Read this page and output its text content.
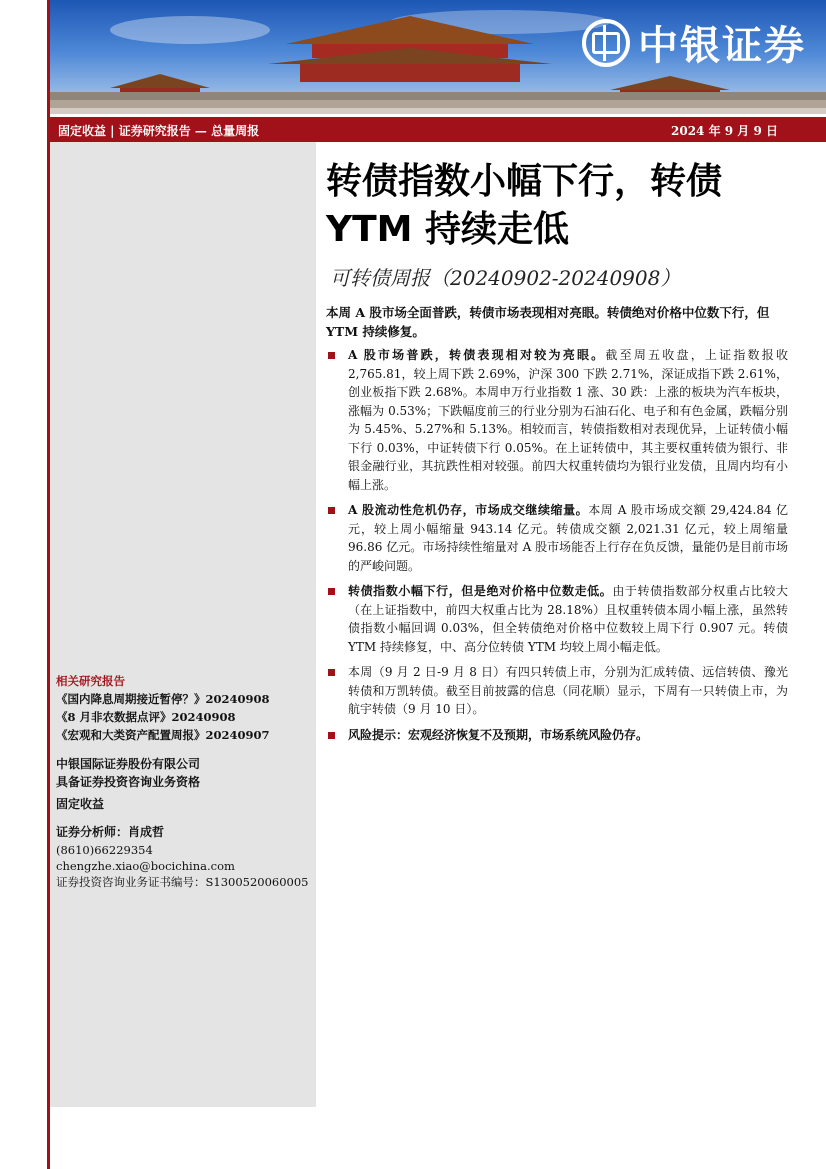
中银证券
固定收益 | 证券研究报告 — 总量周报	2024 年 9 月 9 日
转债指数小幅下行，转债
YTM 持续走低
可转债周报（20240902-20240908）
本周 A 股市场全面普跌，转债市场表现相对亮眼。转债绝对价格中位数下行，但 YTM 持续修复。
A 股市场普跌，转债表现相对较为亮眼。截至周五收盘，上证指数报收 2,765.81，较上周下跌 2.69%，沪深 300 下跌 2.71%，深证成指下跌 2.61%，创业板指下跌 2.68%。本周申万行业指数 1 涨、30 跌：上涨的板块为汽车板块，涨幅为 0.53%；下跌幅度前三的行业分别为石油石化、电子和有色金属，跌幅分别为 5.45%、5.27%和 5.13%。相较而言，转债指数相对表现优异，上证转债小幅下行 0.03%，中证转债下行 0.05%。在上证转债中，其主要权重转债为银行、非银金融行业，其抗跌性相对较强。前四大权重转债均为银行业发债，且周内均有小幅上涨。
A 股流动性危机仍存，市场成交继续缩量。本周 A 股市场成交额 29,424.84 亿元，较上周小幅缩量 943.14 亿元。转债成交额 2,021.31 亿元，较上周缩量 96.86 亿元。市场持续性缩量对 A 股市场能否上行存在负反馈，量能仍是目前市场的严峻问题。
转债指数小幅下行，但是绝对价格中位数走低。由于转债指数部分权重占比较大（在上证指数中，前四大权重占比为 28.18%）且权重转债本周小幅上涨，虽然转债指数小幅回调 0.03%，但全转债绝对价格中位数较上周下行 0.907 元。转债 YTM 持续修复，中、高分位转债 YTM 均较上周小幅走低。
本周（9 月 2 日-9 月 8 日）有四只转债上市，分别为汇成转债、远信转债、豫光转债和万凯转债。截至目前披露的信息（同花顺）显示，下周有一只转债上市，为航宇转债（9 月 10 日）。
风险提示：宏观经济恢复不及预期，市场系统风险仍存。
相关研究报告
《国内降息周期接近暂停？》20240908
《8 月非农数据点评》20240908
《宏观和大类资产配置周报》20240907
中银国际证券股份有限公司
具备证券投资咨询业务资格
固定收益
证券分析师：肖成哲
(8610)66229354
chengzhe.xiao@bocichina.com
证券投资咨询业务证书编号：S1300520060005
